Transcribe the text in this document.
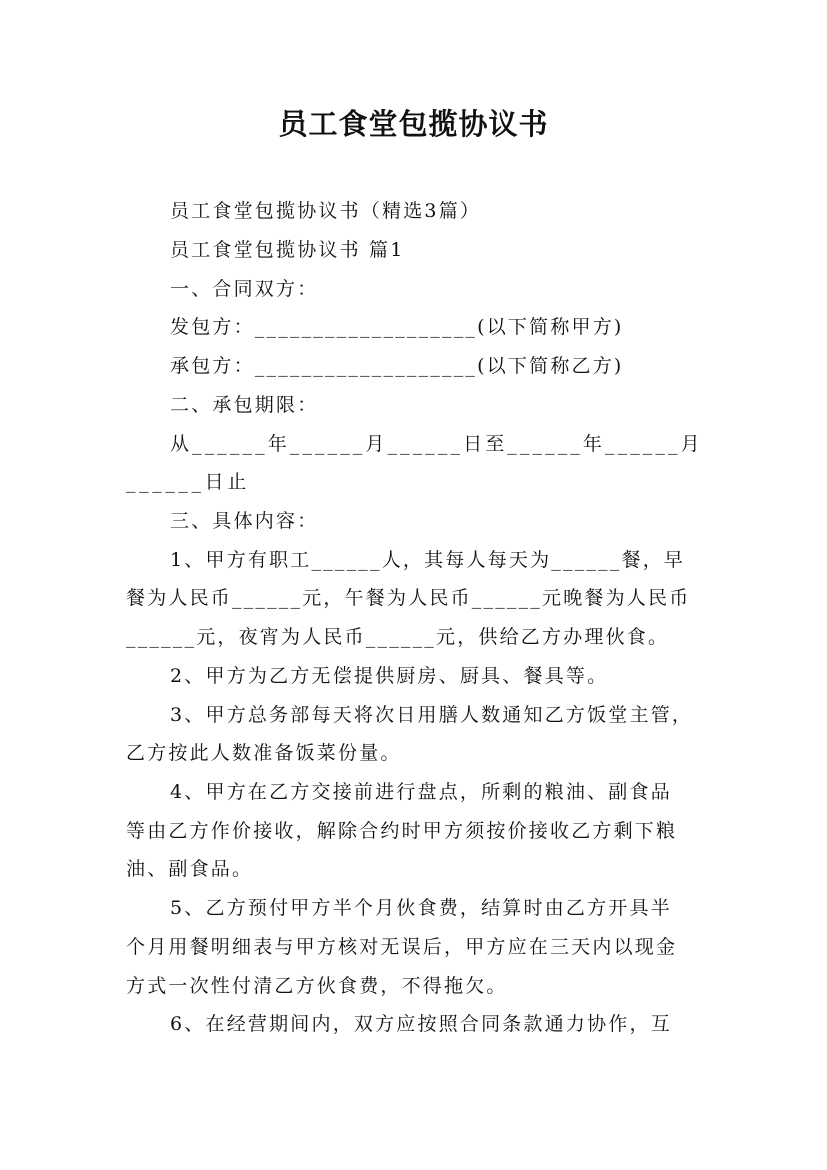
员工食堂包揽协议书
员工食堂包揽协议书（精选3篇）
员工食堂包揽协议书 篇1
一、合同双方：
发包方：___________________(以下简称甲方)
承包方：___________________(以下简称乙方)
二、承包期限：
从______年______月______日至______年______月
______日止
三、具体内容：
1、甲方有职工______人，其每人每天为______餐，早
餐为人民币______元，午餐为人民币______元晚餐为人民币
______元，夜宵为人民币______元，供给乙方办理伙食。
2、甲方为乙方无偿提供厨房、厨具、餐具等。
3、甲方总务部每天将次日用膳人数通知乙方饭堂主管，
乙方按此人数准备饭菜份量。
4、甲方在乙方交接前进行盘点，所剩的粮油、副食品
等由乙方作价接收，解除合约时甲方须按价接收乙方剩下粮
油、副食品。
5、乙方预付甲方半个月伙食费，结算时由乙方开具半
个月用餐明细表与甲方核对无误后，甲方应在三天内以现金
方式一次性付清乙方伙食费，不得拖欠。
6、在经营期间内，双方应按照合同条款通力协作，互
